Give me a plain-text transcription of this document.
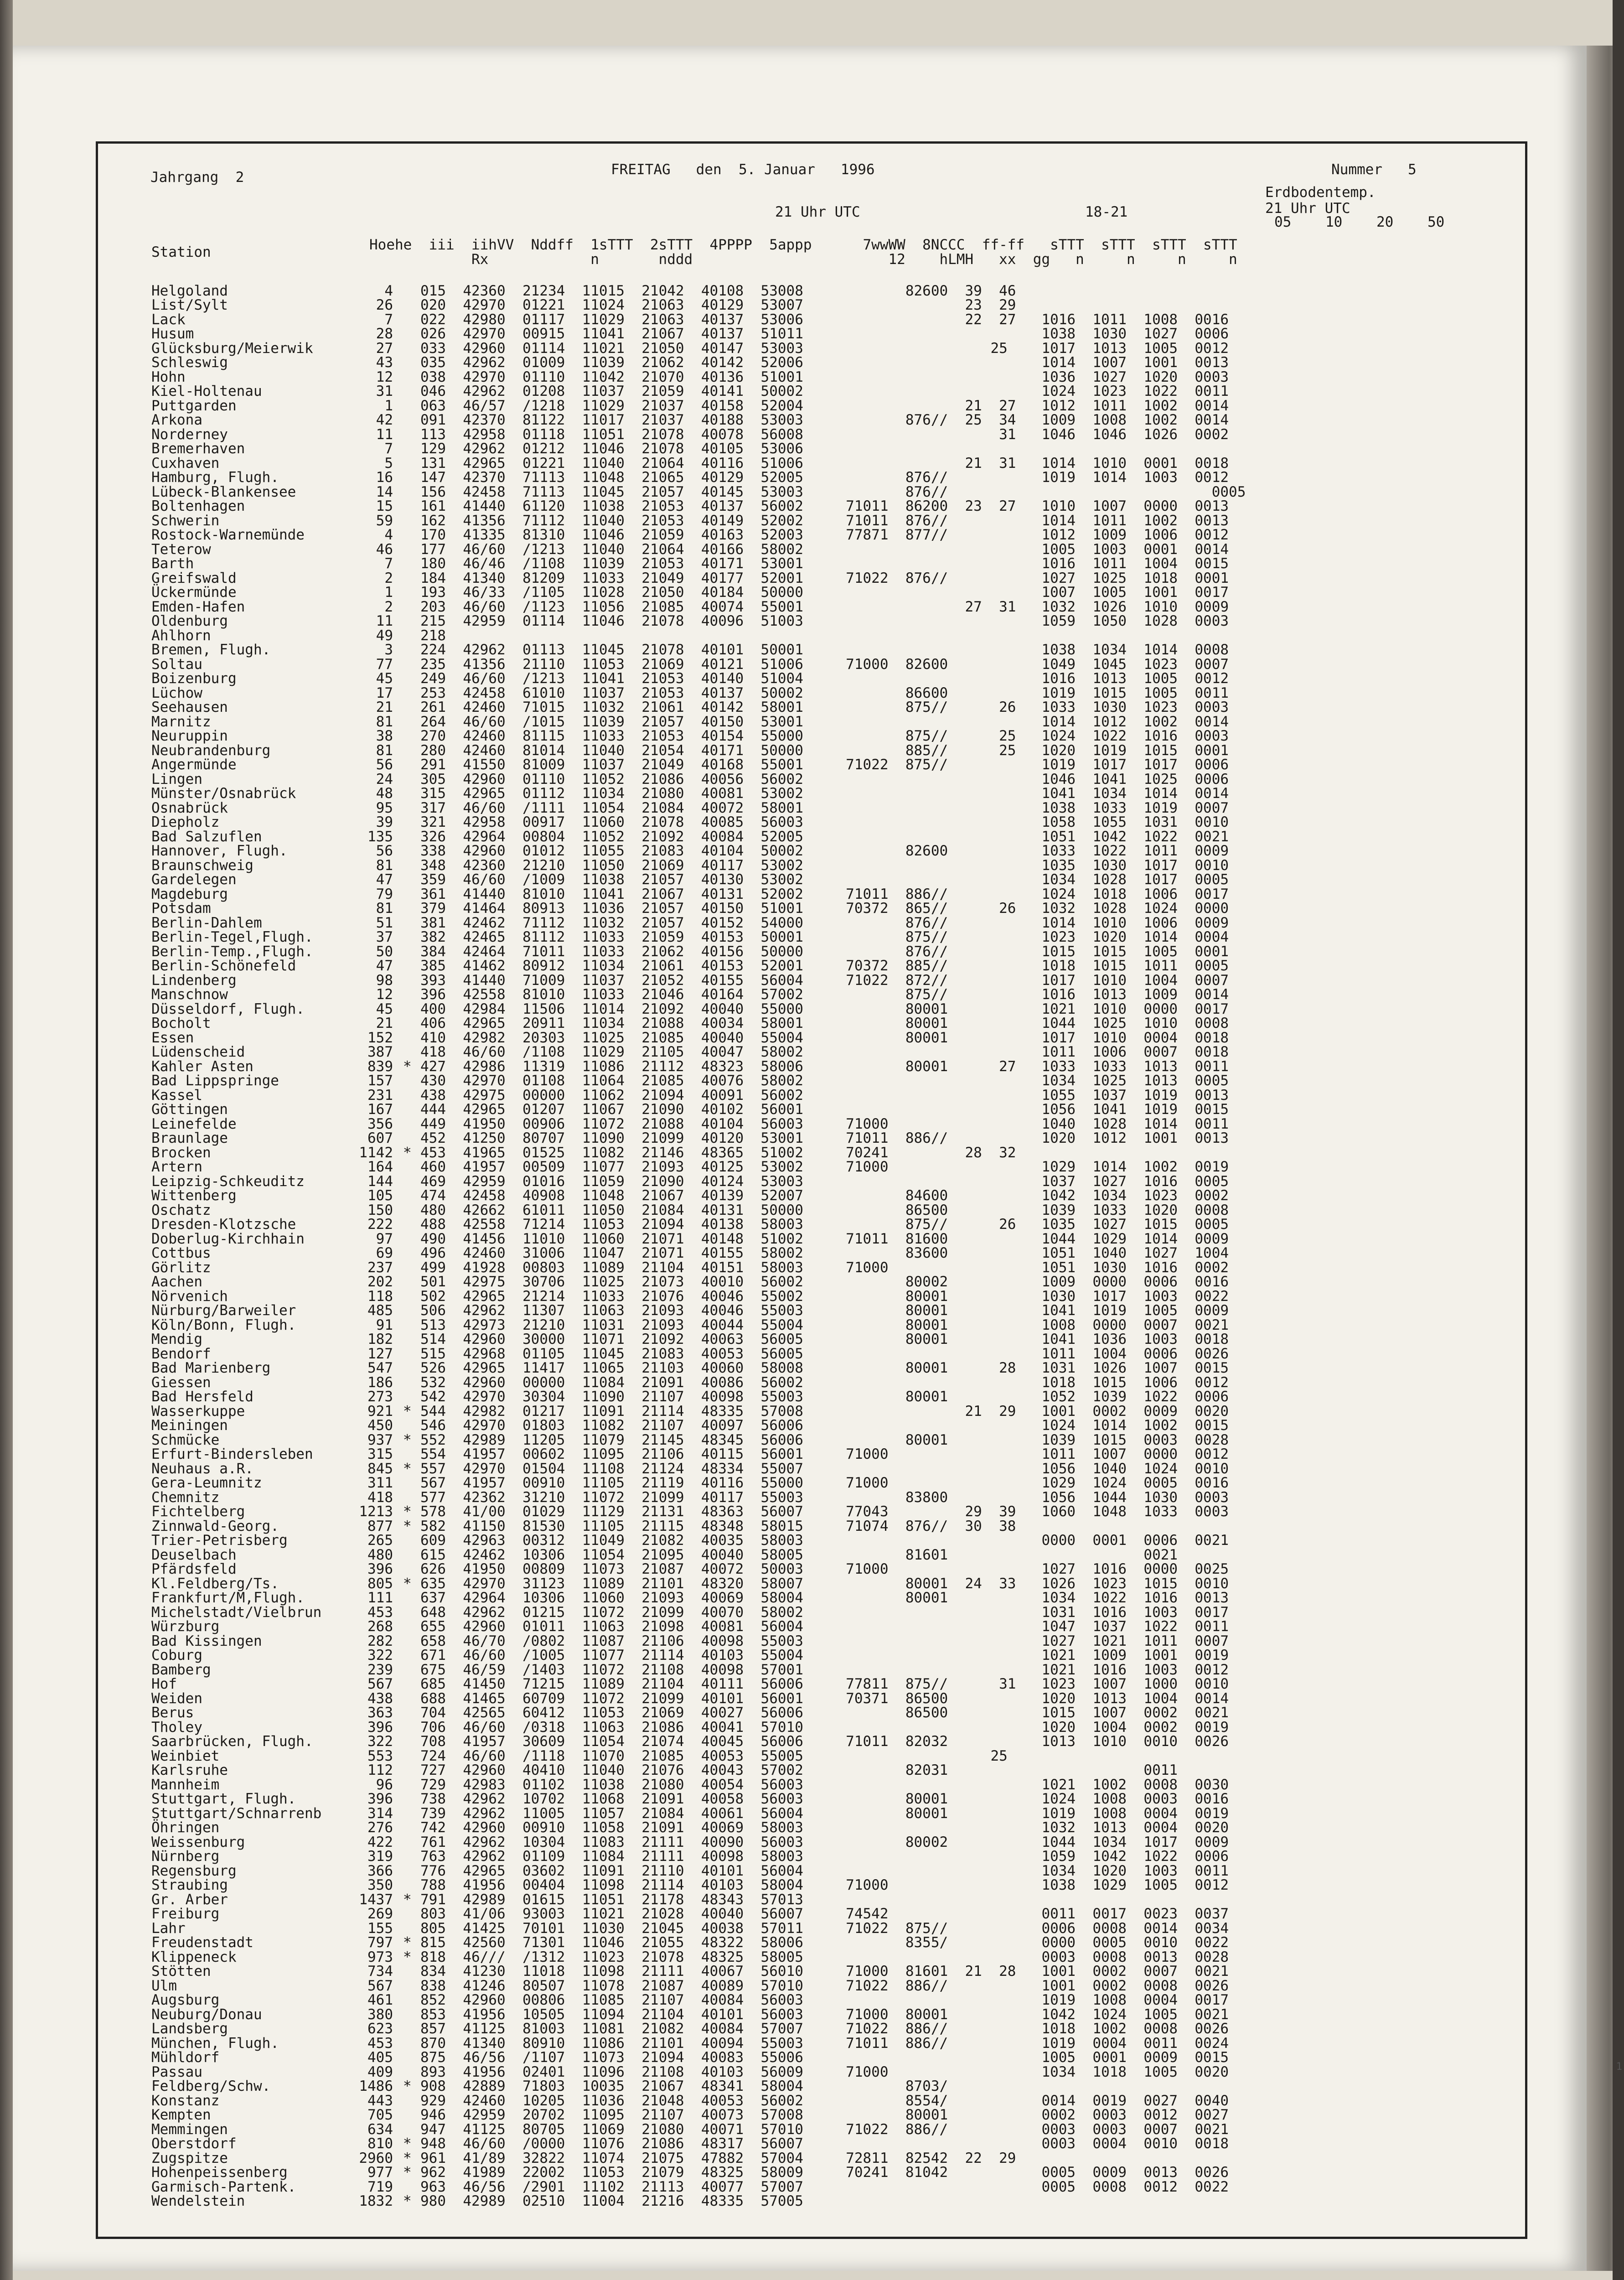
Jahrgang  2	FREITAG   den  5. Januar   1996	Nummer   5
Erdbodentemp.
21 Uhr UTC
05    10    20    50
21 Uhr UTC	18-21
Station	Hoehe  iii  iihVV  Nddff  1sTTT  2sTTT  4PPPP  5appp      7wwWW  8NCCC  ff-ff   sTTT  sTTT  sTTT  sTTT
Rx            n       nddd                       12    hLMH   xx  gg   n     n     n     n
Helgoland	4 015  42360  21234  11015  21042  40108  53008            82600  39  46
List/Sylt	26 020  42970  01221  11024  21063  40129  53007                   23  29
Lack	7 022  42980  01117  11029  21063  40137  53006                   22  27   1016  1011  1008  0016
Husum	28 026  42970  00915  11041  21067  40137  51011                            1038  1030  1027  0006
Glücksburg/Meierwik	27 033  42960  01114  11021  21050  40147  53003                      25    1017  1013  1005  0012
Schleswig	43 035  42962  01009  11039  21062  40142  52006                            1014  1007  1001  0013
Hohn	12 038  42970  01110  11042  21070  40136  51001                            1036  1027  1020  0003
Kiel-Holtenau	31 046  42962  01208  11037  21059  40141  50002                            1024  1023  1022  0011
Puttgarden	1 063  46/57  /1218  11029  21037  40158  52004                   21  27   1012  1011  1002  0014
Arkona	42 091  42370  81122  11017  21037  40188  53003            876//  25  34   1009  1008  1002  0014
Norderney	11 113  42958  01118  11051  21078  40078  56008                       31   1046  1046  1026  0002
Bremerhaven	7 129  42962  01212  11046  21078  40105  53006
Cuxhaven	5 131  42965  01221  11040  21064  40116  51006                   21  31   1014  1010  0001  0018
Hamburg, Flugh.	16 147  42370  71113  11048  21065  40129  52005            876//           1019  1014  1003  0012
Lübeck-Blankensee	14 156  42458  71113  11045  21057  40145  53003            876//                               0005
Boltenhagen	15 161  41440  61120  11038  21053  40137  56002     71011  86200  23  27   1010  1007  0000  0013
Schwerin	59 162  41356  71112  11040  21053  40149  52002     71011  876//           1014  1011  1002  0013
Rostock-Warnemünde	4 170  41335  81310  11046  21059  40163  52003     77871  877//           1012  1009  1006  0012
Teterow	46 177  46/60  /1213  11040  21064  40166  58002                            1005  1003  0001  0014
Barth	7 180  46/46  /1108  11039  21053  40171  53001                            1016  1011  1004  0015
Greifswald	2 184  41340  81209  11033  21049  40177  52001     71022  876//           1027  1025  1018  0001
Ückermünde	1 193  46/33  /1105  11028  21050  40184  50000                            1007  1005  1001  0017
Emden-Hafen	2 203  46/60  /1123  11056  21085  40074  55001                   27  31   1032  1026  1010  0009
Oldenburg	11 215  42959  01114  11046  21078  40096  51003                            1059  1050  1028  0003
Ahlhorn	49 218
Bremen, Flugh.	3 224  42962  01113  11045  21078  40101  50001                            1038  1034  1014  0008
Soltau	77 235  41356  21110  11053  21069  40121  51006     71000  82600           1049  1045  1023  0007
Boizenburg	45 249  46/60  /1213  11041  21053  40140  51004                            1016  1013  1005  0012
Lüchow	17 253  42458  61010  11037  21053  40137  50002            86600           1019  1015  1005  0011
Seehausen	21 261  42460  71015  11032  21061  40142  58001            875//      26   1033  1030  1023  0003
Marnitz	81 264  46/60  /1015  11039  21057  40150  53001                            1014  1012  1002  0014
Neuruppin	38 270  42460  81115  11033  21053  40154  55000            875//      25   1024  1022  1016  0003
Neubrandenburg	81 280  42460  81014  11040  21054  40171  50000            885//      25   1020  1019  1015  0001
Angermünde	56 291  41550  81009  11037  21049  40168  55001     71022  875//           1019  1017  1017  0006
Lingen	24 305  42960  01110  11052  21086  40056  56002                            1046  1041  1025  0006
Münster/Osnabrück	48 315  42965  01112  11034  21080  40081  53002                            1041  1034  1014  0014
Osnabrück	95 317  46/60  /1111  11054  21084  40072  58001                            1038  1033  1019  0007
Diepholz	39 321  42958  00917  11060  21078  40085  56003                            1058  1055  1031  0010
Bad Salzuflen	135 326  42964  00804  11052  21092  40084  52005                            1051  1042  1022  0021
Hannover, Flugh.	56 338  42960  01012  11055  21083  40104  50002            82600           1033  1022  1011  0009
Braunschweig	81 348  42360  21210  11050  21069  40117  53002                            1035  1030  1017  0010
Gardelegen	47 359  46/60  /1009  11038  21057  40130  53002                            1034  1028  1017  0005
Magdeburg	79 361  41440  81010  11041  21067  40131  52002     71011  886//           1024  1018  1006  0017
Potsdam	81 379  41464  80913  11036  21057  40150  51001     70372  865//      26   1032  1028  1024  0000
Berlin-Dahlem	51 381  42462  71112  11032  21057  40152  54000            876//           1014  1010  1006  0009
Berlin-Tegel,Flugh.	37 382  42465  81112  11033  21059  40153  50001            875//           1023  1020  1014  0004
Berlin-Temp.,Flugh.	50 384  42464  71011  11033  21062  40156  50000            876//           1015  1015  1005  0001
Berlin-Schönefeld	47 385  41462  80912  11034  21061  40153  52001     70372  885//           1018  1015  1011  0005
Lindenberg	98 393  41440  71009  11037  21052  40155  56004     71022  872//           1017  1010  1004  0007
Manschnow	12 396  42558  81010  11033  21046  40164  57002            875//           1016  1013  1009  0014
Düsseldorf, Flugh.	45 400  42984  11506  11014  21092  40040  55000            80001           1021  1010  0000  0017
Bocholt	21 406  42965  20911  11034  21088  40034  58001            80001           1044  1025  1010  0008
Essen	152 410  42982  20303  11025  21085  40040  55004            80001           1017  1010  0004  0018
Lüdenscheid	387 418  46/60  /1108  11029  21105  40047  58002                            1011  1006  0007  0018
Kahler Asten	839 * 427  42986  11319  11086  21112  48323  58006            80001      27   1033  1033  1013  0011
Bad Lippspringe	157 430  42970  01108  11064  21085  40076  58002                            1034  1025  1013  0005
Kassel	231 438  42975  00000  11062  21094  40091  56002                            1055  1037  1019  0013
Göttingen	167 444  42965  01207  11067  21090  40102  56001                            1056  1041  1019  0015
Leinefelde	356 449  41950  00906  11072  21088  40104  56003     71000                  1040  1028  1014  0011
Braunlage	607 452  41250  80707  11090  21099  40120  53001     71011  886//           1020  1012  1001  0013
Brocken	1142 * 453  41965  01525  11082  21146  48365  51002     70241         28  32
Artern	164 460  41957  00509  11077  21093  40125  53002     71000                  1029  1014  1002  0019
Leipzig-Schkeuditz	144 469  42959  01016  11059  21090  40124  53003                            1037  1027  1016  0005
Wittenberg	105 474  42458  40908  11048  21067  40139  52007            84600           1042  1034  1023  0002
Oschatz	150 480  42662  61011  11050  21084  40131  50000            86500           1039  1033  1020  0008
Dresden-Klotzsche	222 488  42558  71214  11053  21094  40138  58003            875//      26   1035  1027  1015  0005
Doberlug-Kirchhain	97 490  41456  11010  11060  21071  40148  51002     71011  81600           1044  1029  1014  0009
Cottbus	69 496  42460  31006  11047  21071  40155  58002            83600           1051  1040  1027  1004
Görlitz	237 499  41928  00803  11089  21104  40151  58003     71000                  1051  1030  1016  0002
Aachen	202 501  42975  30706  11025  21073  40010  56002            80002           1009  0000  0006  0016
Nörvenich	118 502  42965  21214  11033  21076  40046  55002            80001           1030  1017  1003  0022
Nürburg/Barweiler	485 506  42962  11307  11063  21093  40046  55003            80001           1041  1019  1005  0009
Köln/Bonn, Flugh.	91 513  42973  21210  11031  21093  40044  55004            80001           1008  0000  0007  0021
Mendig	182 514  42960  30000  11071  21092  40063  56005            80001           1041  1036  1003  0018
Bendorf	127 515  42968  01105  11045  21083  40053  56005                            1011  1004  0006  0026
Bad Marienberg	547 526  42965  11417  11065  21103  40060  58008            80001      28   1031  1026  1007  0015
Giessen	186 532  42960  00000  11084  21091  40086  56002                            1018  1015  1006  0012
Bad Hersfeld	273 542  42970  30304  11090  21107  40098  55003            80001           1052  1039  1022  0006
Wasserkuppe	921 * 544  42982  01217  11091  21114  48335  57008                   21  29   1001  0002  0009  0020
Meiningen	450 546  42970  01803  11082  21107  40097  56006                            1024  1014  1002  0015
Schmücke	937 * 552  42989  11205  11079  21145  48345  56006            80001           1039  1015  0003  0028
Erfurt-Bindersleben	315 554  41957  00602  11095  21106  40115  56001     71000                  1011  1007  0000  0012
Neuhaus a.R.	845 * 557  42970  01504  11108  21124  48334  55007                            1056  1040  1024  0010
Gera-Leumnitz	311 567  41957  00910  11105  21119  40116  55000     71000                  1029  1024  0005  0016
Chemnitz	418 577  42362  31210  11072  21099  40117  55003            83800           1056  1044  1030  0003
Fichtelberg	1213 * 578  41/00  01029  11129  21131  48363  56007     77043         29  39   1060  1048  1033  0003
Zinnwald-Georg.	877 * 582  41150  81530  11105  21115  48348  58015     71074  876//  30  38
Trier-Petrisberg	265 609  42963  00312  11049  21082  40035  58003                            0000  0001  0006  0021
Deuselbach	480 615  42462  10306  11054  21095  40040  58005            81601                       0021
Pfärdsfeld	396 626  41950  00809  11073  21087  40072  50003     71000                  1027  1016  0000  0025
Kl.Feldberg/Ts.	805 * 635  42970  31123  11089  21101  48320  58007            80001  24  33   1026  1023  1015  0010
Frankfurt/M,Flugh.	111 637  42964  10306  11060  21093  40069  58004            80001           1034  1022  1016  0013
Michelstadt/Vielbrun	453 648  42962  01215  11072  21099  40070  58002                            1031  1016  1003  0017
Würzburg	268 655  42960  01011  11063  21098  40081  56004                            1047  1037  1022  0011
Bad Kissingen	282 658  46/70  /0802  11087  21106  40098  55003                            1027  1021  1011  0007
Coburg	322 671  46/60  /1005  11077  21114  40103  55004                            1021  1009  1001  0019
Bamberg	239 675  46/59  /1403  11072  21108  40098  57001                            1021  1016  1003  0012
Hof	567 685  41450  71215  11089  21104  40111  56006     77811  875//      31   1023  1007  1000  0010
Weiden	438 688  41465  60709  11072  21099  40101  56001     70371  86500           1020  1013  1004  0014
Berus	363 704  42565  60412  11053  21069  40027  56006            86500           1015  1007  0002  0021
Tholey	396 706  46/60  /0318  11063  21086  40041  57010                            1020  1004  0002  0019
Saarbrücken, Flugh.	322 708  41957  30609  11054  21074  40045  56006     71011  82032           1013  1010  0010  0026
Weinbiet	553 724  46/60  /1118  11070  21085  40053  55005                      25
Karlsruhe	112 727  42960  40410  11040  21076  40043  57002            82031                       0011
Mannheim	96 729  42983  01102  11038  21080  40054  56003                            1021  1002  0008  0030
Stuttgart, Flugh.	396 738  42962  10702  11068  21091  40058  56003            80001           1024  1008  0003  0016
Stuttgart/Schnarrenb	314 739  42962  11005  11057  21084  40061  56004            80001           1019  1008  0004  0019
Öhringen	276 742  42960  00910  11058  21091  40069  58003                            1032  1013  0004  0020
Weissenburg	422 761  42962  10304  11083  21111  40090  56003            80002           1044  1034  1017  0009
Nürnberg	319 763  42962  01109  11084  21111  40098  58003                            1059  1042  1022  0006
Regensburg	366 776  42965  03602  11091  21110  40101  56004                            1034  1020  1003  0011
Straubing	350 788  41956  00404  11098  21114  40103  58004     71000                  1038  1029  1005  0012
Gr. Arber	1437 * 791  42989  01615  11051  21178  48343  57013
Freiburg	269 803  41/06  93003  11021  21028  40040  56007     74542                  0011  0017  0023  0037
Lahr	155 805  41425  70101  11030  21045  40038  57011     71022  875//           0006  0008  0014  0034
Freudenstadt	797 * 815  42560  71301  11046  21055  48322  58006            8355/           0000  0005  0010  0022
Klippeneck	973 * 818  46///  /1312  11023  21078  48325  58005                            0003  0008  0013  0028
Stötten	734 834  41230  11018  11098  21111  40067  56010     71000  81601  21  28   1001  0002  0007  0021
Ulm	567 838  41246  80507  11078  21087  40089  57010     71022  886//           1001  0002  0008  0026
Augsburg	461 852  42960  00806  11085  21107  40084  56003                            1019  1008  0004  0017
Neuburg/Donau	380 853  41956  10505  11094  21104  40101  56003     71000  80001           1042  1024  1005  0021
Landsberg	623 857  41125  81003  11081  21082  40084  57007     71022  886//           1018  1002  0008  0026
München, Flugh.	453 870  41340  80910  11086  21101  40094  55003     71011  886//           1019  0004  0011  0024
Mühldorf	405 875  46/56  /1107  11073  21094  40083  55006                            1005  0001  0009  0015
Passau	409 893  41956  02401  11096  21108  40103  56009     71000                  1034  1018  1005  0020
Feldberg/Schw.	1486 * 908  42889  71803  10035  21067  48341  58004            8703/
Konstanz	443 929  42460  10205  11036  21048  40053  56002            8554/           0014  0019  0027  0040
Kempten	705 946  42959  20702  11095  21107  40073  57008            80001           0002  0003  0012  0027
Memmingen	634 947  41125  80705  11069  21080  40071  57010     71022  886//           0003  0003  0007  0021
Oberstdorf	810 * 948  46/60  /0000  11076  21086  48317  56007                            0003  0004  0010  0018
Zugspitze	2960 * 961  41/89  32822  11074  21075  47882  57004     72811  82542  22  29
Hohenpeissenberg	977 * 962  41989  22002  11053  21079  48325  58009     70241  81042           0005  0009  0013  0026
Garmisch-Partenk.	719 963  46/56  /2901  11102  21113  40077  57007                            0005  0008  0012  0022
Wendelstein	1832 * 980  42989  02510  11004  21216  48335  57005
1
